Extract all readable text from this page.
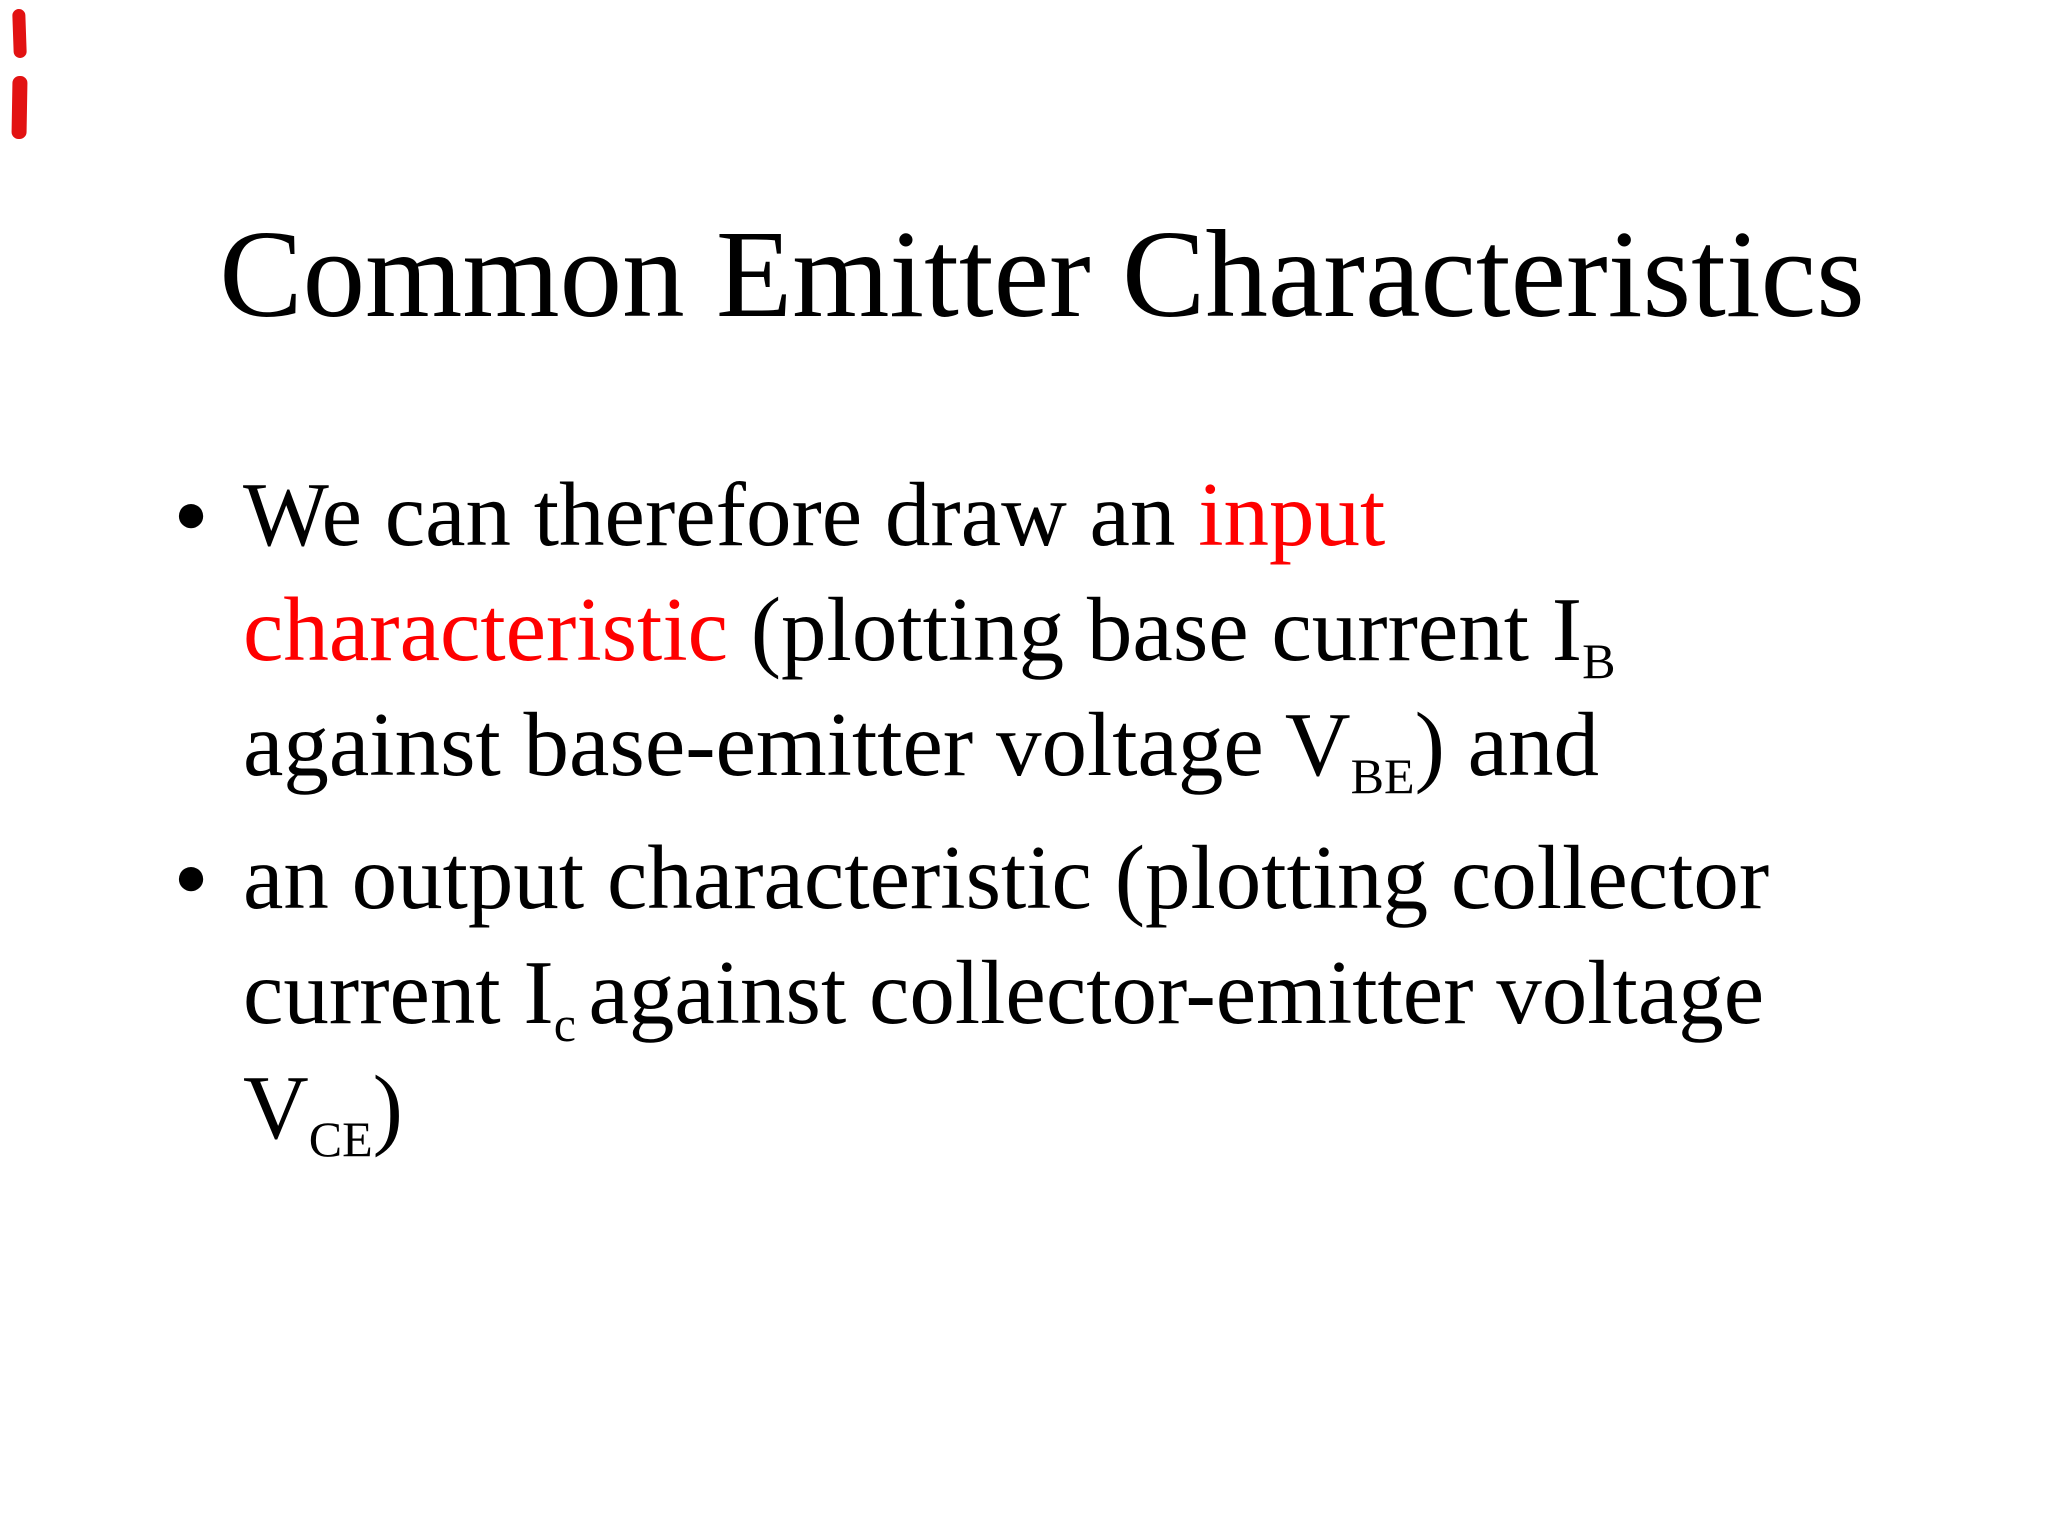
Common Emitter Characteristics
● We can therefore draw an input
characteristic (plotting base current IB
against base-emitter voltage VBE) and
● an output characteristic (plotting collector
current Ic against collector-emitter voltage
VCE)
